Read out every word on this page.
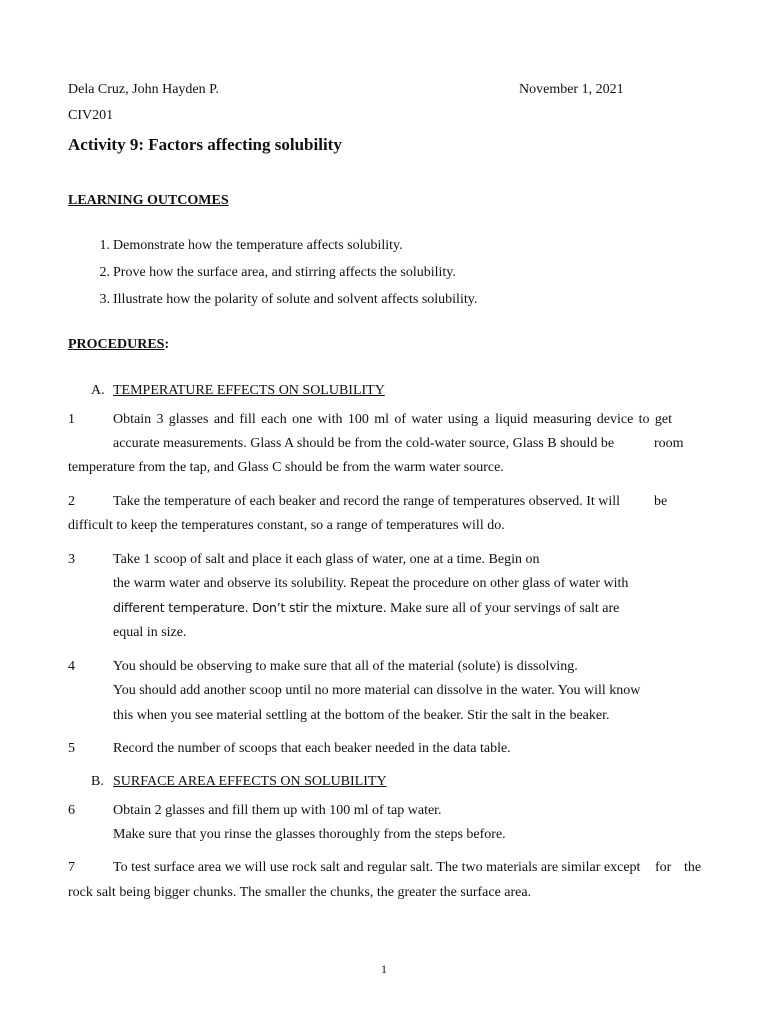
Dela Cruz, John Hayden P.	November 1, 2021
CIV201
Activity 9: Factors affecting solubility
LEARNING OUTCOMES
1. Demonstrate how the temperature affects solubility.
2. Prove how the surface area, and stirring affects the solubility.
3. Illustrate how the polarity of solute and solvent affects solubility.
PROCEDURES:
A. TEMPERATURE EFFECTS ON SOLUBILITY
1	Obtain 3 glasses and fill each one with 100 ml of water using a liquid measuring device to get
accurate measurements. Glass A should be from the cold-water source, Glass B should be	room
temperature from the tap, and Glass C should be from the warm water source.
2	Take the temperature of each beaker and record the range of temperatures observed. It will be
difficult to keep the temperatures constant, so a range of temperatures will do.
3	Take 1 scoop of salt and place it each glass of water, one at a time. Begin on
the warm water and observe its solubility. Repeat the procedure on other glass of water with
different temperature. Don’t stir the mixture. Make sure all of your servings of salt are
equal in size.
4	You should be observing to make sure that all of the material (solute) is dissolving.
You should add another scoop until no more material can dissolve in the water. You will know
this when you see material settling at the bottom of the beaker. Stir the salt in the beaker.
5	Record the number of scoops that each beaker needed in the data table.
B. SURFACE AREA EFFECTS ON SOLUBILITY
6	Obtain 2 glasses and fill them up with 100 ml of tap water.
Make sure that you rinse the glasses thoroughly from the steps before.
7	To test surface area we will use rock salt and regular salt. The two materials are similar except for the
rock salt being bigger chunks. The smaller the chunks, the greater the surface area.
1
